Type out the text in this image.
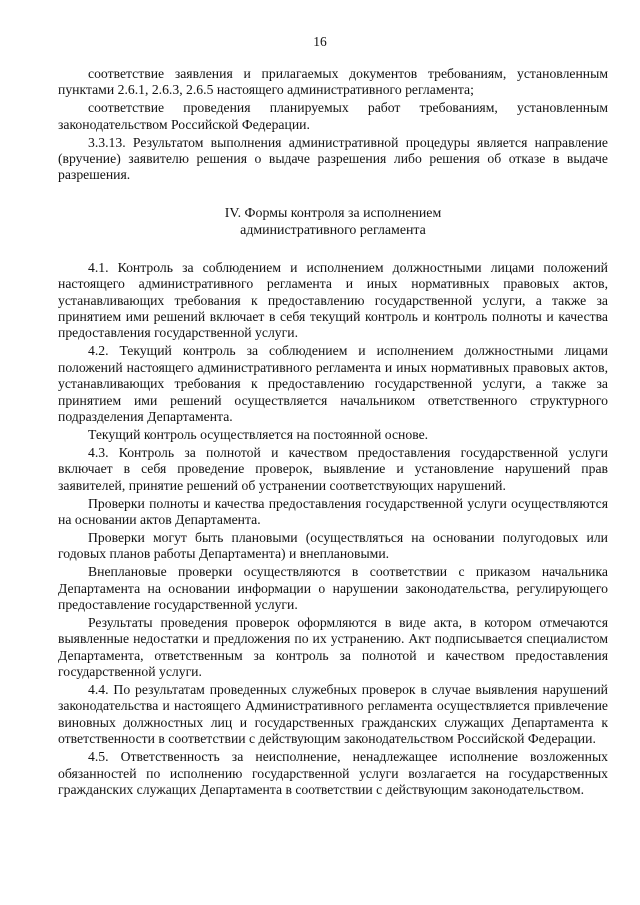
16

соответствие заявления и прилагаемых документов требованиям, установленным пунктами 2.6.1, 2.6.3, 2.6.5 настоящего административного регламента;

соответствие проведения планируемых работ требованиям, установленным законодательством Российской Федерации.

3.3.13. Результатом выполнения административной процедуры является направление (вручение) заявителю решения о выдаче разрешения либо решения об отказе в выдаче разрешения.

IV. Формы контроля за исполнением
административного регламента

4.1. Контроль за соблюдением и исполнением должностными лицами положений настоящего административного регламента и иных нормативных правовых актов, устанавливающих требования к предоставлению государственной услуги, а также за принятием ими решений включает в себя текущий контроль и контроль полноты и качества предоставления государственной услуги.

4.2. Текущий контроль за соблюдением и исполнением должностными лицами положений настоящего административного регламента и иных нормативных правовых актов, устанавливающих требования к предоставлению государственной услуги, а также за принятием ими решений осуществляется начальником ответственного структурного подразделения Департамента.

Текущий контроль осуществляется на постоянной основе.

4.3. Контроль за полнотой и качеством предоставления государственной услуги включает в себя проведение проверок, выявление и установление нарушений прав заявителей, принятие решений об устранении соответствующих нарушений.

Проверки полноты и качества предоставления государственной услуги осуществляются на основании актов Департамента.

Проверки могут быть плановыми (осуществляться на основании полугодовых или годовых планов работы Департамента) и внеплановыми.

Внеплановые проверки осуществляются в соответствии с приказом начальника Департамента на основании информации о нарушении законодательства, регулирующего предоставление государственной услуги.

Результаты проведения проверок оформляются в виде акта, в котором отмечаются выявленные недостатки и предложения по их устранению. Акт подписывается специалистом Департамента, ответственным за контроль за полнотой и качеством предоставления государственной услуги.

4.4. По результатам проведенных служебных проверок в случае выявления нарушений законодательства и настоящего Административного регламента осуществляется привлечение виновных должностных лиц и государственных гражданских служащих Департамента к ответственности в соответствии с действующим законодательством Российской Федерации.

4.5. Ответственность за неисполнение, ненадлежащее исполнение возложенных обязанностей по исполнению государственной услуги возлагается на государственных гражданских служащих Департамента в соответствии с действующим законодательством.
